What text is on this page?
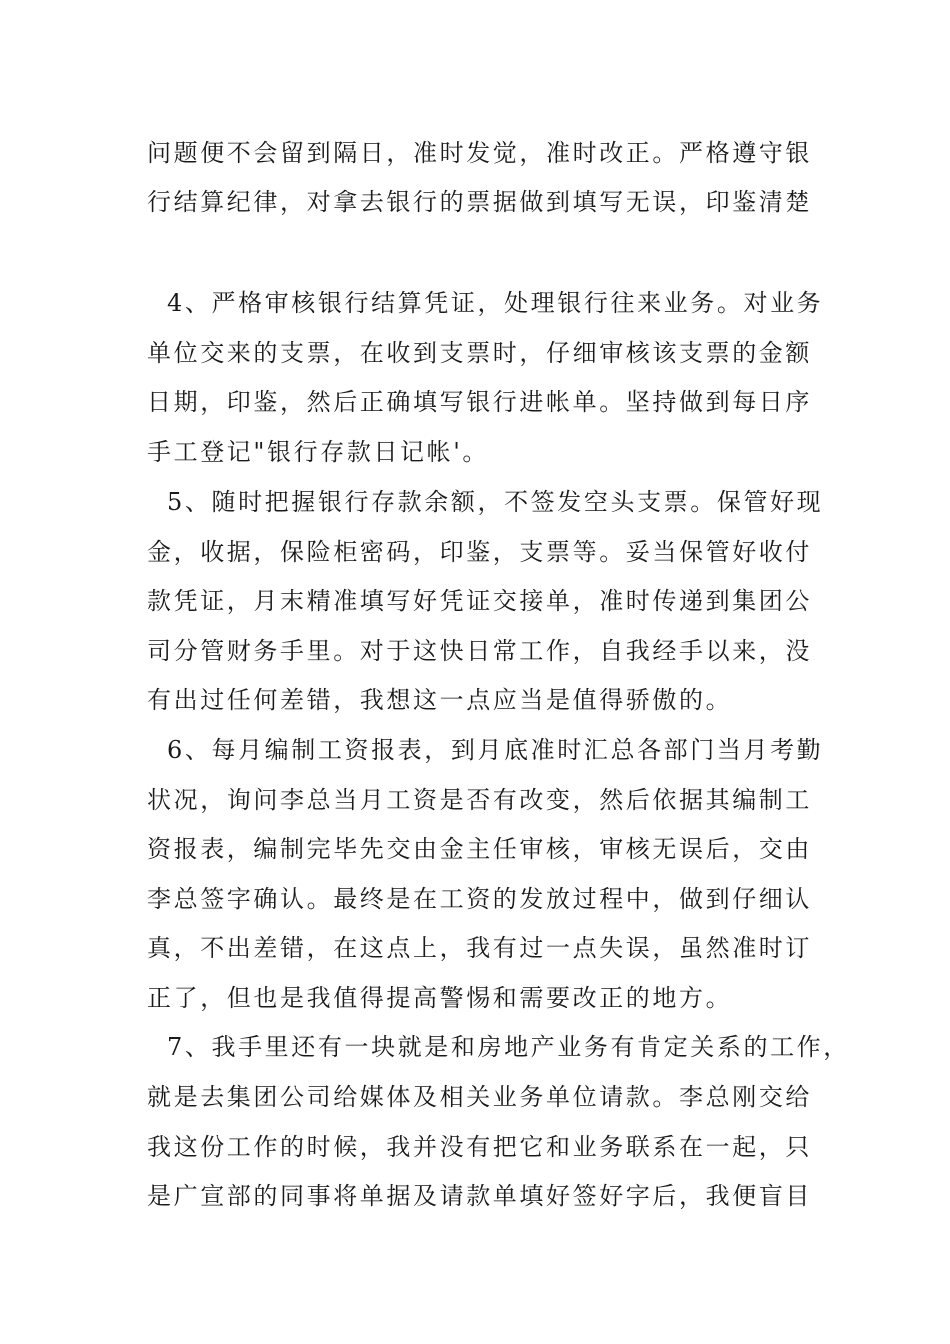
问题便不会留到隔日，准时发觉，准时改正。严格遵守银
行结算纪律，对拿去银行的票据做到填写无误，印鉴清楚
4、严格审核银行结算凭证，处理银行往来业务。对业务
单位交来的支票，在收到支票时，仔细审核该支票的金额
日期，印鉴，然后正确填写银行进帐单。坚持做到每日序
手工登记"银行存款日记帐'。
5、随时把握银行存款余额，不签发空头支票。保管好现
金，收据，保险柜密码，印鉴，支票等。妥当保管好收付
款凭证，月末精准填写好凭证交接单，准时传递到集团公
司分管财务手里。对于这快日常工作，自我经手以来，没
有出过任何差错，我想这一点应当是值得骄傲的。
6、每月编制工资报表，到月底准时汇总各部门当月考勤
状况，询问李总当月工资是否有改变，然后依据其编制工
资报表，编制完毕先交由金主任审核，审核无误后，交由
李总签字确认。最终是在工资的发放过程中，做到仔细认
真，不出差错，在这点上，我有过一点失误，虽然准时订
正了，但也是我值得提高警惕和需要改正的地方。
7、我手里还有一块就是和房地产业务有肯定关系的工作，
就是去集团公司给媒体及相关业务单位请款。李总刚交给
我这份工作的时候，我并没有把它和业务联系在一起，只
是广宣部的同事将单据及请款单填好签好字后，我便盲目
